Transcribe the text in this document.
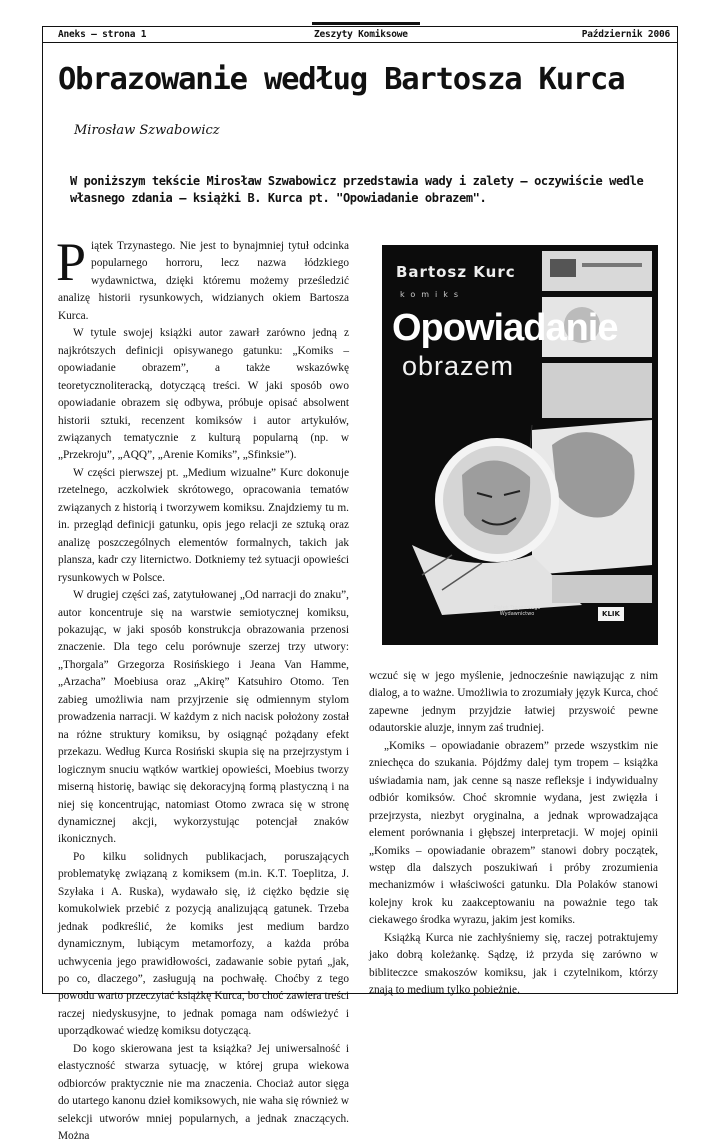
Aneks – strona 1	Zeszyty Komiksowe	Październik 2006
Obrazowanie według Bartosza Kurca
Mirosław Szwabowicz
W poniższym tekście Mirosław Szwabowicz przedstawia wady i zalety – oczywiście wedle własnego zdania – książki B. Kurca pt. "Opowiadanie obrazem".

Piątek Trzynastego. Nie jest to bynajmniej tytuł odcinka popularnego horroru, lecz nazwa łódzkiego wydawnictwa, dzięki któremu możemy prześledzić analizę historii rysunkowych, widzianych okiem Bartosza Kurca.

W tytule swojej książki autor zawarł zarówno jedną z najkrótszych definicji opisywanego gatunku: „Komiks – opowiadanie obrazem”, a także wskazówkę teoretycznoliteracką, dotyczącą treści. W jaki sposób owo opowiadanie obrazem się odbywa, próbuje opisać absolwent historii sztuki, recenzent komiksów i autor artykułów, związanych tematycznie z kulturą popularną (np. w „Przekroju”, „AQQ”, „Arenie Komiks”, „Sfinksie”).

W części pierwszej pt. „Medium wizualne” Kurc dokonuje rzetelnego, aczkolwiek skrótowego, opracowania tematów związanych z historią i tworzywem komiksu. Znajdziemy tu m. in. przegląd definicji gatunku, opis jego relacji ze sztuką oraz analizę poszczególnych elementów formalnych, takich jak plansza, kadr czy liternictwo. Dotkniemy też sytuacji opowieści rysunkowych w Polsce.

W drugiej części zaś, zatytułowanej „Od narracji do znaku”, autor koncentruje się na warstwie semiotycznej komiksu, pokazując, w jaki sposób konstrukcja obrazowania przenosi znaczenie. Dla tego celu porównuje szerzej trzy utwory: „Thorgala” Grzegorza Rosińskiego i Jeana Van Hamme, „Arzacha” Moebiusa oraz „Akirę” Katsuhiro Otomo. Ten zabieg umożliwia nam przyjrzenie się odmiennym stylom prowadzenia narracji. W każdym z nich nacisk położony został na różne struktury komiksu, by osiągnąć pożądany efekt przekazu. Według Kurca Rosiński skupia się na przejrzystym i logicznym snuciu wątków wartkiej opowieści, Moebius tworzy miserną historię, bawiąc się dekoracyjną formą plastyczną i na niej się koncentrując, natomiast Otomo zwraca się w stronę dynamicznej akcji, wykorzystując potencjał znaków ikonicznych.

Po kilku solidnych publikacjach, poruszających problematykę związaną z komiksem (m.in. K.T. Toeplitza, J. Szyłaka i A. Ruska), wydawało się, iż ciężko będzie się komukolwiek przebić z pozycją analizującą gatunek. Trzeba jednak podkreślić, że komiks jest medium bardzo dynamicznym, lubiącym metamorfozy, a każda próba uchwycenia jego prawidłowości, zadawanie sobie pytań „jak, po co, dlaczego”, zasługują na pochwałę. Choćby z tego powodu warto przeczytać książkę Kurca, bo choć zawiera treści raczej niedyskusyjne, to jednak pomaga nam odświeżyć i uporządkować wiedzę komiksu dotyczącą.

Do kogo skierowana jest ta książka? Jej uniwersalność i elastyczność stwarza sytuację, w której grupa wiekowa odbiorców praktycznie nie ma znaczenia. Chociaż autor sięga do utartego kanonu dzieł komiksowych, nie waha się również w selekcji utworów mniej popularnych, a jednak znaczących. Można

Bartosz Kurc
komiks
Opowiadanie
obrazem
Piątek Trzynastego Wydawnictwo	KLIK

wczuć się w jego myślenie, jednocześnie nawiązując z nim dialog, a to ważne. Umożliwia to zrozumiały język Kurca, choć zapewne jednym przyjdzie łatwiej przyswoić pewne odautorskie aluzje, innym zaś trudniej.

„Komiks – opowiadanie obrazem” przede wszystkim nie zniechęca do szukania. Pójdźmy dalej tym tropem – książka uświadamia nam, jak cenne są nasze refleksje i indywidualny odbiór komiksów. Choć skromnie wydana, jest zwięzła i przejrzysta, niezbyt oryginalna, a jednak wprowadzająca element porównania i głębszej interpretacji. W mojej opinii „Komiks – opowiadanie obrazem” stanowi dobry początek, wstęp dla dalszych poszukiwań i próby zrozumienia mechanizmów i właściwości gatunku. Dla Polaków stanowi kolejny krok ku zaakceptowaniu na poważnie tego tak ciekawego środka wyrazu, jakim jest komiks.

Książką Kurca nie zachłyśniemy się, raczej potraktujemy jako dobrą koleżankę. Sądzę, iż przyda się zarówno w bibliteczce smakoszów komiksu, jak i czytelnikom, którzy znają to medium tylko pobieżnie.
